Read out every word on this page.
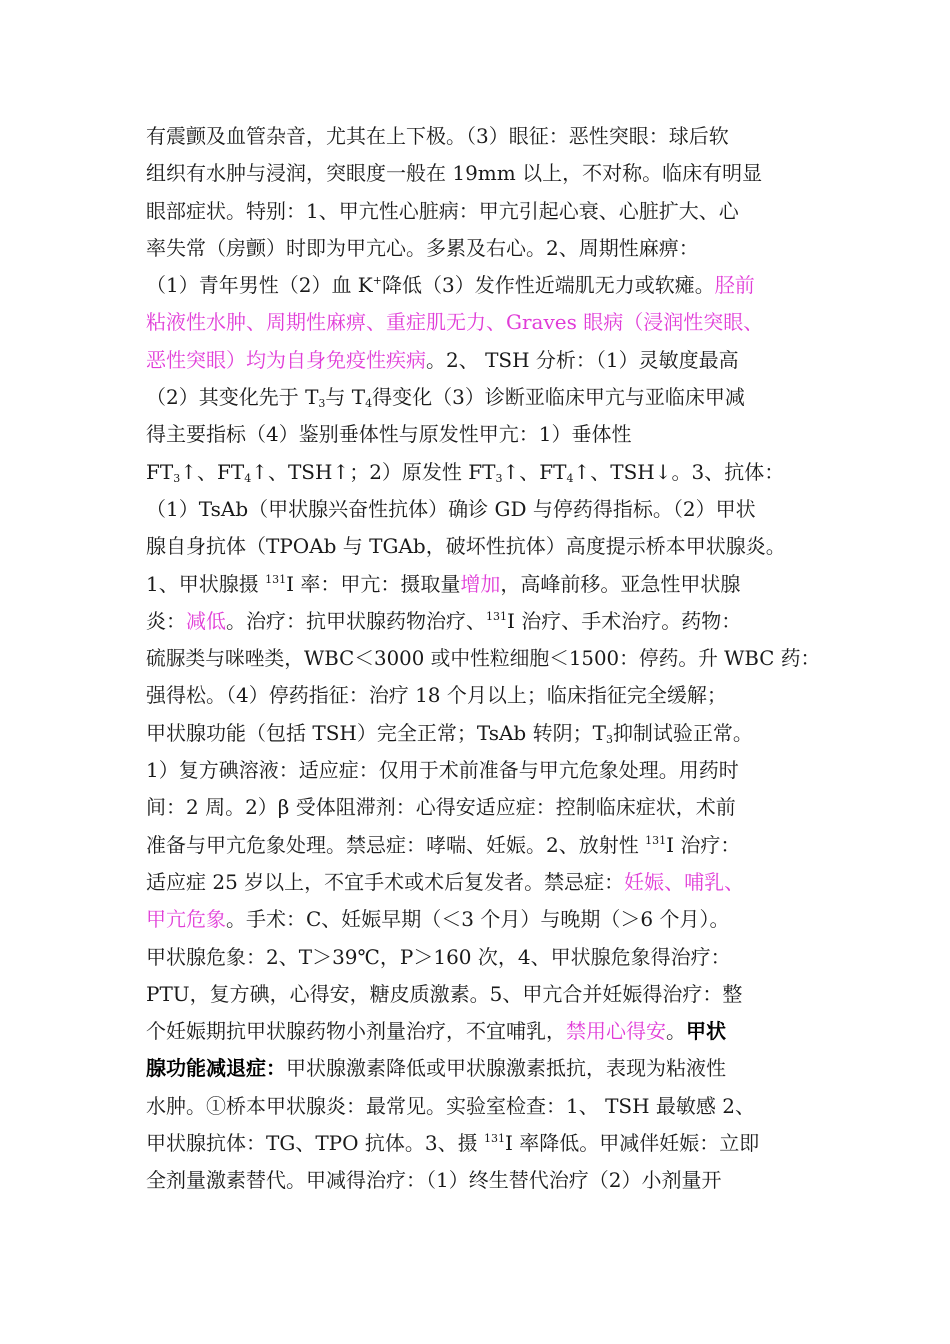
有震颤及血管杂音，尤其在上下极。（3）眼征：恶性突眼：球后软
组织有水肿与浸润，突眼度一般在 19mm 以上，不对称。临床有明显
眼部症状。特别：1、甲亢性心脏病：甲亢引起心衰、心脏扩大、心
率失常（房颤）时即为甲亢心。多累及右心。2、周期性麻痹：
（1）青年男性（2）血 K+降低（3）发作性近端肌无力或软瘫。胫前
粘液性水肿、周期性麻痹、重症肌无力、Graves 眼病（浸润性突眼、
恶性突眼）均为自身免疫性疾病。2、 TSH 分析：（1）灵敏度最高
（2）其变化先于 $T_3$与 $T_4$得变化（3）诊断亚临床甲亢与亚临床甲减
得主要指标（4）鉴别垂体性与原发性甲亢：1）垂体性
$FT_3↑$、$FT_4↑$、TSH↑；2）原发性 $FT_3↑$、$FT_4↑$、TSH↓。3、抗体：
（1）TsAb（甲状腺兴奋性抗体）确诊 GD 与停药得指标。（2）甲状
腺自身抗体（TPOAb 与 TGAb，破坏性抗体）高度提示桥本甲状腺炎。
1、甲状腺摄 $^{131}$I 率：甲亢：摄取量增加，高峰前移。亚急性甲状腺
炎：减低。治疗：抗甲状腺药物治疗、$^{131}$I 治疗、手术治疗。药物：
硫脲类与咪唑类，WBC＜3000 或中性粒细胞＜1500：停药。升 WBC 药：
强得松。（4）停药指征：治疗 18 个月以上；临床指征完全缓解；
甲状腺功能（包括 TSH）完全正常；TsAb 转阴；$T_3$抑制试验正常。
1）复方碘溶液：适应症：仅用于术前准备与甲亢危象处理。用药时
间：2 周。2）β 受体阻滞剂：心得安适应症：控制临床症状，术前
准备与甲亢危象处理。禁忌症：哮喘、妊娠。2、放射性 $^{131}$I 治疗：
适应症 25 岁以上，不宜手术或术后复发者。禁忌症：妊娠、哺乳、
甲亢危象。手术：C、妊娠早期（＜3 个月）与晚期（＞6 个月）。
甲状腺危象：2、T＞39℃，P＞160 次，4、甲状腺危象得治疗：
PTU，复方碘，心得安，糖皮质激素。5、甲亢合并妊娠得治疗：整
个妊娠期抗甲状腺药物小剂量治疗，不宜哺乳，禁用心得安。甲状
腺功能减退症：甲状腺激素降低或甲状腺激素抵抗，表现为粘液性
水肿。①桥本甲状腺炎：最常见。实验室检查：1、 TSH 最敏感 2、
甲状腺抗体：TG、TPO 抗体。3、摄 $^{131}$I 率降低。甲减伴妊娠：立即
全剂量激素替代。甲减得治疗：（1）终生替代治疗（2）小剂量开
